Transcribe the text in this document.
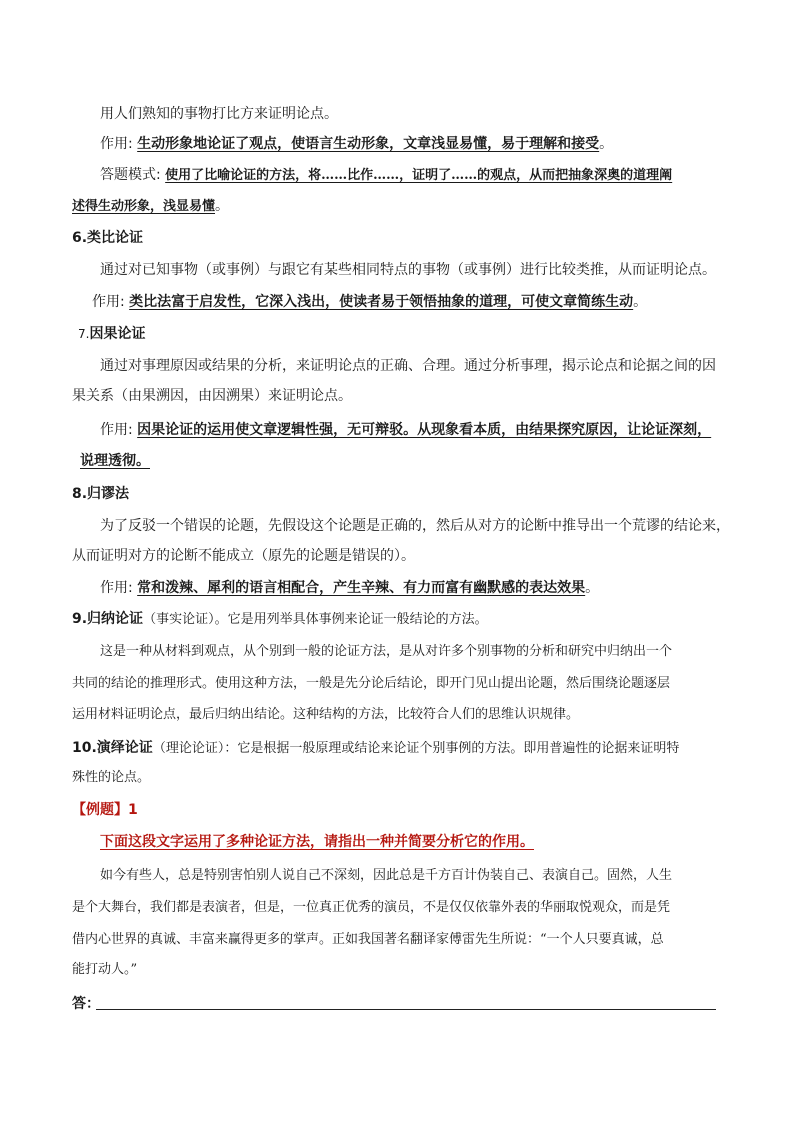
用人们熟知的事物打比方来证明论点。
作用: 生动形象地论证了观点，使语言生动形象，文章浅显易懂，易于理解和接受。
答题模式: 使用了比喻论证的方法，将……比作……，证明了……的观点，从而把抽象深奥的道理阐
述得生动形象，浅显易懂。
6.类比论证
通过对已知事物（或事例）与跟它有某些相同特点的事物（或事例）进行比较类推，从而证明论点。
作用: 类比法富于启发性，它深入浅出，使读者易于领悟抽象的道理，可使文章简练生动。
7.因果论证
通过对事理原因或结果的分析，来证明论点的正确、合理。通过分析事理，揭示论点和论据之间的因
果关系（由果溯因，由因溯果）来证明论点。
作用: 因果论证的运用使文章逻辑性强，无可辩驳。从现象看本质，由结果探究原因，让论证深刻，
说理透彻。
8.归谬法
为了反驳一个错误的论题，先假设这个论题是正确的，然后从对方的论断中推导出一个荒谬的结论来，
从而证明对方的论断不能成立（原先的论题是错误的）。
作用: 常和泼辣、犀利的语言相配合，产生辛辣、有力而富有幽默感的表达效果。
9.归纳论证（事实论证）。它是用列举具体事例来论证一般结论的方法。
这是一种从材料到观点，从个别到一般的论证方法，是从对许多个别事物的分析和研究中归纳出一个
共同的结论的推理形式。使用这种方法，一般是先分论后结论，即开门见山提出论题，然后围绕论题逐层
运用材料证明论点，最后归纳出结论。这种结构的方法，比较符合人们的思维认识规律。
10.演绎论证（理论论证）：它是根据一般原理或结论来论证个别事例的方法。即用普遍性的论据来证明特
殊性的论点。
【例题】1
下面这段文字运用了多种论证方法，请指出一种并简要分析它的作用。
如今有些人，总是特别害怕别人说自己不深刻，因此总是千方百计伪装自己、表演自己。固然，人生
是个大舞台，我们都是表演者，但是，一位真正优秀的演员，不是仅仅依靠外表的华丽取悦观众，而是凭
借内心世界的真诚、丰富来赢得更多的掌声。正如我国著名翻译家傅雷先生所说：“一个人只要真诚，总
能打动人。”
答：
